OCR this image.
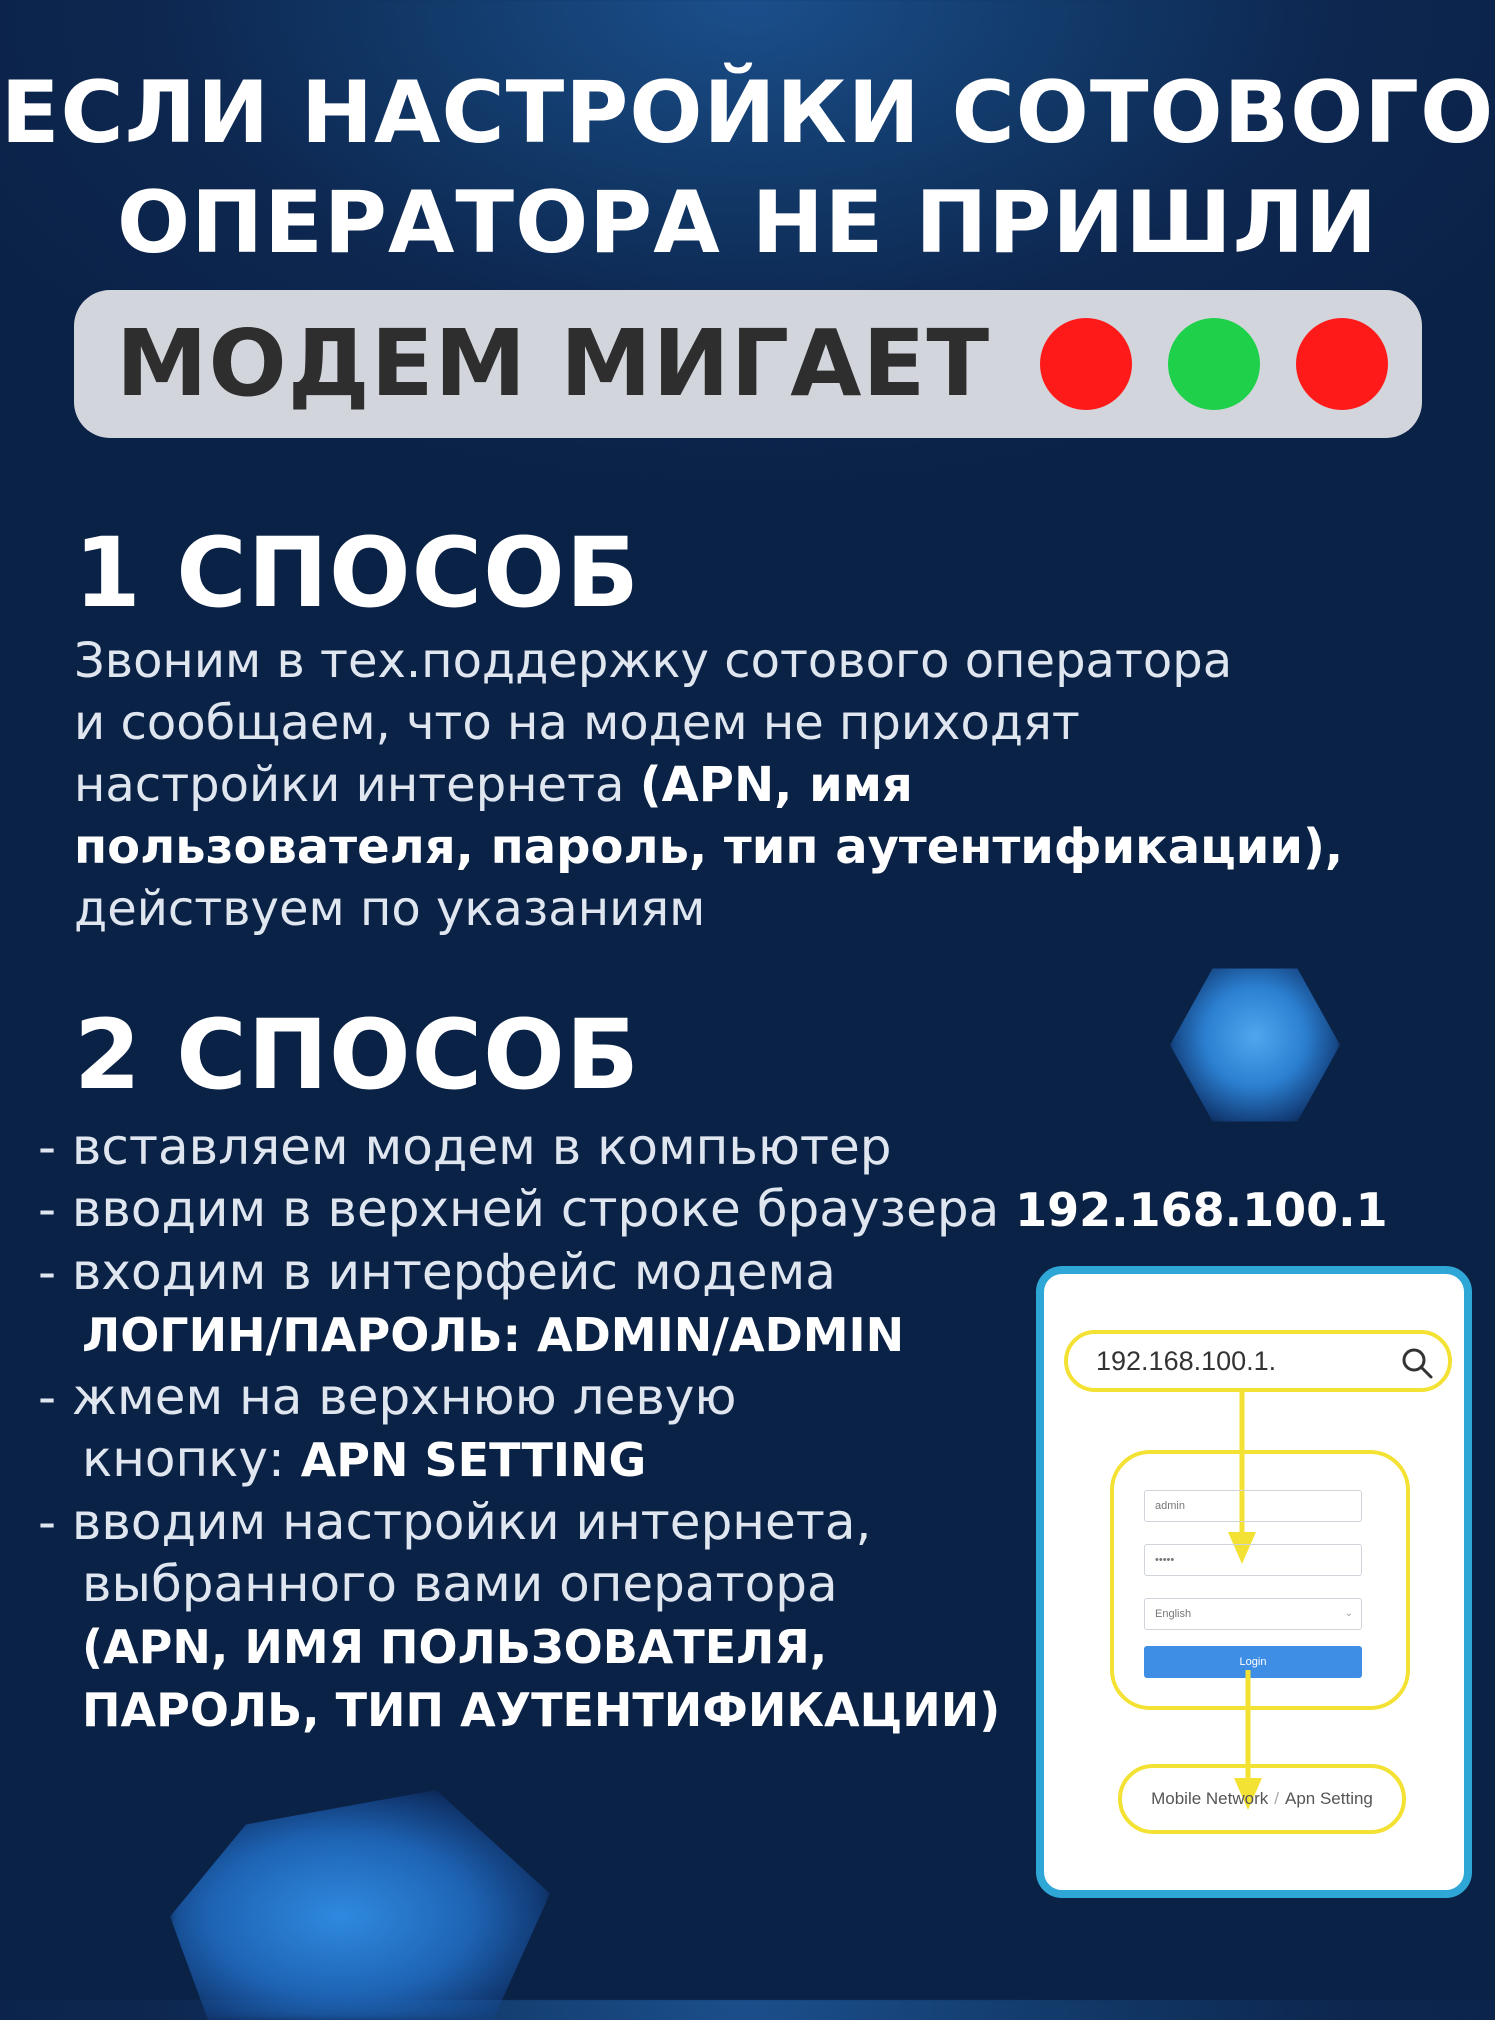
ЕСЛИ НАСТРОЙКИ СОТОВОГО
ОПЕРАТОРА НЕ ПРИШЛИ
МОДЕМ МИГАЕТ
1 СПОСОБ
Звоним в тех.поддержку сотового оператора
и сообщаем, что на модем не приходят
настройки интернета (APN, имя
пользователя, пароль, тип аутентификации),
действуем по указаниям
2 СПОСОБ
- вставляем модем в компьютер
- вводим в верхней строке браузера 192.168.100.1
- входим в интерфейс модема
ЛОГИН/ПАРОЛЬ: ADMIN/ADMIN
- жмем на верхнюю левую
кнопку: APN SETTING
- вводим настройки интернета,
выбранного вами оператора
(APN, ИМЯ ПОЛЬЗОВАТЕЛЯ,
ПАРОЛЬ, ТИП АУТЕНТИФИКАЦИИ)
192.168.100.1.
admin
•••••
English	⌄
Login
Mobile Network / Apn Setting
